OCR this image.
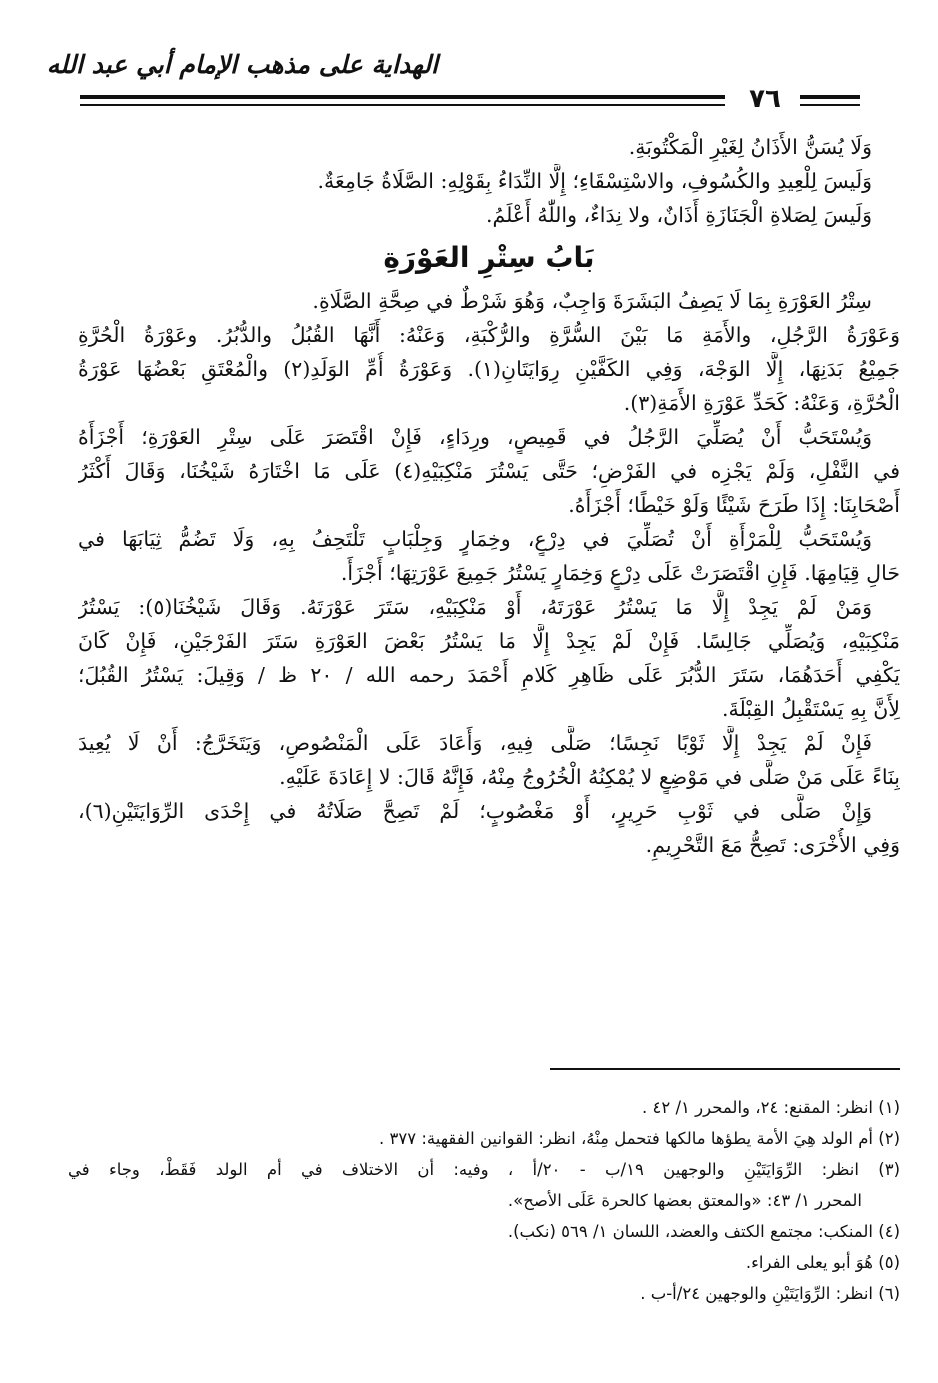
الهداية على مذهب الإمام أبي عبد الله
٧٦
وَلَا يُسَنُّ الأَذَانُ لِغَيْرِ الْمَكْتُوبَةِ.
وَلَيسَ لِلْعِيدِ والكُسُوفِ، والاسْتِسْقَاءِ؛ إِلَّا النِّدَاءُ بِقَوْلِهِ: الصَّلَاةُ جَامِعَةٌ.
وَلَيسَ لِصَلاةِ الْجَنَازَةِ أَذَانٌ، ولا نِدَاءٌ، واللّٰهُ أَعْلَمُ.
بَابُ سِتْرِ العَوْرَةِ
سِتْرُ العَوْرَةِ بِمَا لَا يَصِفُ البَشَرَةَ وَاجِبٌ، وَهُوَ شَرْطٌ في صِحَّةِ الصَّلَاةِ.
وَعَوْرَةُ الرَّجُلِ، والأَمَةِ مَا بَيْنَ السُّرَّةِ والرُّكْبَةِ، وَعَنْهُ: أَنَّهَا القُبُلُ والدُّبُرُ. وعَوْرَةُ الْحُرَّةِ
جَمِيْعُ بَدَنِهَا، إِلَّا الوَجْهَ، وَفِي الكَفَّيْنِ رِوَايَتَانِ(١). وَعَوْرَةُ أُمِّ الوَلَدِ(٢) والْمُعْتَقِ بَعْضُهَا عَوْرَةُ
الْحُرَّةِ، وَعَنْهُ: كَحَدِّ عَوْرَةِ الأَمَةِ(٣).
وَيُسْتَحَبُّ أَنْ يُصَلِّيَ الرَّجُلُ في قَمِيصٍ، ورِدَاءٍ، فَإِنْ اقْتَصَرَ عَلَى سِتْرِ العَوْرَةِ؛ أَجْزَأَهُ
في النَّفْلِ، وَلَمْ يَجْزِه في الفَرْضِ؛ حَتَّى يَسْتُرَ مَنْكِبَيْهِ(٤) عَلَى مَا اخْتَارَهُ شَيْخُنَا، وَقَالَ أَكْثَرُ
أَصْحَابِنَا: إِذَا طَرَحَ شَيْئًا وَلَوْ خَيْطًا؛ أَجْزَأَهُ.
وَيُسْتَحَبُّ لِلْمَرْأَةِ أَنْ تُصَلِّيَ في دِرْعٍ، وخِمَارٍ وَجِلْبَابٍ تَلْتَحِفُ بِهِ، وَلَا تَضُمُّ ثِيَابَهَا في
حَالِ قِيَامِهَا. فَإِنِ اقْتَصَرَتْ عَلَى دِرْعٍ وَخِمَارٍ يَسْتُرُ جَمِيعَ عَوْرَتِهَا؛ أَجْزَأَ.
وَمَنْ لَمْ يَجِدْ إِلَّا مَا يَسْتُرُ عَوْرَتَهُ، أَوْ مَنْكِبَيْهِ، سَتَرَ عَوْرَتَهُ. وَقَالَ شَيْخُنَا(٥): يَسْتُرُ
مَنْكِبَيْهِ، وَيُصَلِّي جَالِسًا. فَإِنْ لَمْ يَجِدْ إِلَّا مَا يَسْتُرُ بَعْضَ العَوْرَةِ سَتَرَ الفَرْجَيْنِ، فَإِنْ كَانَ
يَكْفِي أَحَدَهُمَا، سَتَرَ الدُّبُرَ عَلَى ظَاهِرِ كَلامِ أَحْمَدَ رحمه الله / ٢٠ ظ / وَقِيلَ: يَسْتُرُ القُبُلَ؛
لِأَنَّ بِهِ يَسْتَقْبِلُ القِبْلَةَ.
فَإِنْ لَمْ يَجِدْ إِلَّا ثَوْبًا نَجِسًا؛ صَلَّى فِيهِ، وَأَعَادَ عَلَى الْمَنْصُوصِ، وَيَتَخَرَّجُ: أَنْ لَا يُعِيدَ
بِنَاءً عَلَى مَنْ صَلَّى في مَوْضِعٍ لا يُمْكِنُهُ الْخُرُوجُ مِنْهُ، فَإِنَّهُ قَالَ: لا إِعَادَةَ عَلَيْهِ.
وَإِنْ صَلَّى في ثَوْبِ حَرِيرٍ، أَوْ مَغْصُوبٍ؛ لَمْ تَصِحَّ صَلَاتُهُ في إِحْدَى الرِّوَايَتَيْنِ(٦)،
وَفِي الأُخْرَى: تَصِحُّ مَعَ التَّحْرِيمِ.
(١) انظر: المقنع: ٢٤، والمحرر ١/ ٤٢ .
(٢) أم الولد هِيَ الأمة يطؤها مالكها فتحمل مِنْهُ، انظر: القوانين الفقهية: ٣٧٧ .
(٣) انظر: الرِّوَايَتَيْنِ والوجهين ١٩/ب - ٢٠/أ ، وفيه: أن الاختلاف في أم الولد فَقَطْ، وجاء في
المحرر ١/ ٤٣: «والمعتق بعضها كالحرة عَلَى الأصح».
(٤) المنكب: مجتمع الكتف والعضد، اللسان ١/ ٥٦٩ (نكب).
(٥) هُوَ أبو يعلى الفراء.
(٦) انظر: الرِّوَايَتَيْنِ والوجهين ٢٤/أ-ب .
